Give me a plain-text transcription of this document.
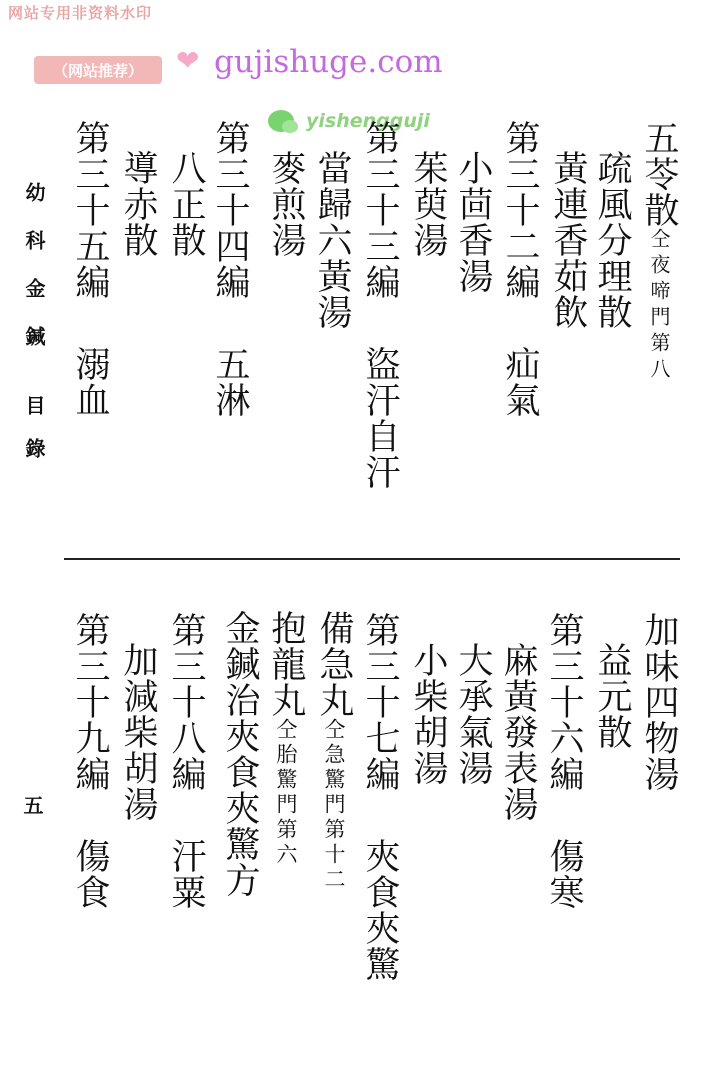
网站专用非资料水印
（网站推荐）	❤ gujishuge.com
yishengguji
幼
科
金
鍼
目
錄
五
五苓散仝夜啼門第八
疏風分理散
黃連香茹飲
第三十二編疝氣
小茴香湯
茱萸湯
第三十三編盜汗自汗
當歸六黃湯
麥煎湯
第三十四編五淋
八正散
導赤散
第三十五編溺血
加味四物湯
益元散
第三十六編傷寒
麻黃發表湯
大承氣湯
小柴胡湯
第三十七編夾食夾驚
備急丸仝急驚門第十二
抱龍丸仝胎驚門第六
金鍼治夾食夾驚方
第三十八編汗粟
加減柴胡湯
第三十九編傷食
